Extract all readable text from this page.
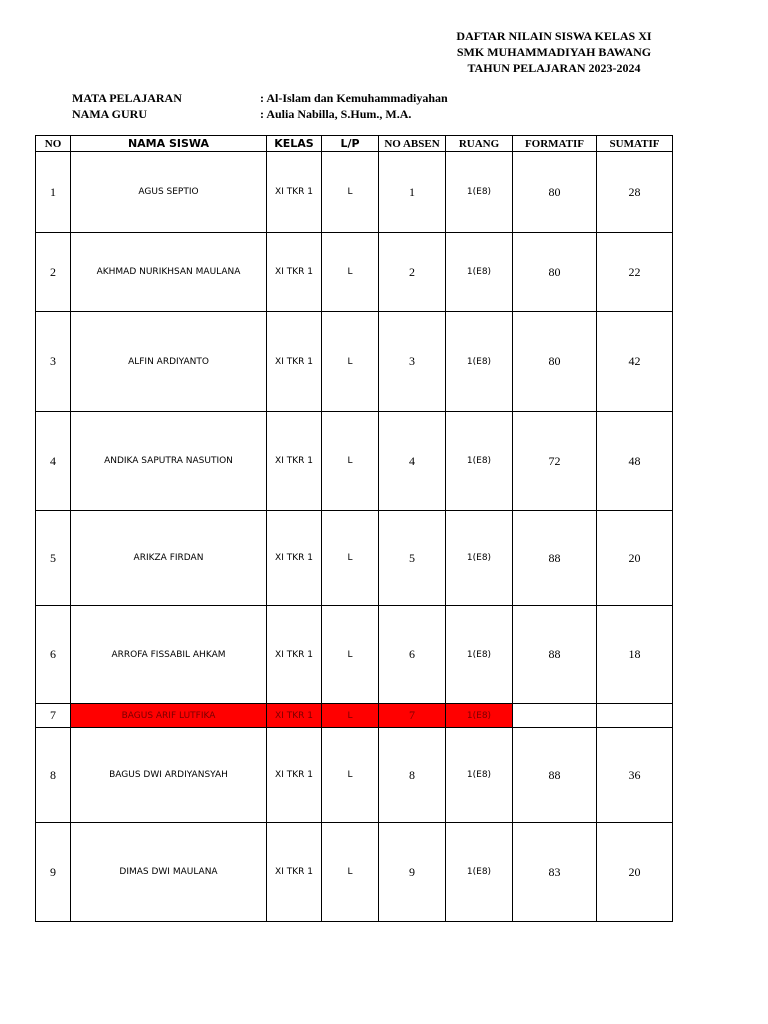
DAFTAR NILAIN SISWA KELAS XI
SMK MUHAMMADIYAH BAWANG
TAHUN PELAJARAN 2023-2024
MATA PELAJARAN	: Al-Islam dan Kemuhammadiyahan
NAMA GURU	: Aulia Nabilla, S.Hum., M.A.
NO	NAMA SISWA	KELAS	L/P	NO ABSEN	RUANG	FORMATIF	SUMATIF
1	AGUS SEPTIO	XI TKR 1	L	1	1(E8)	80	28
2	AKHMAD NURIKHSAN MAULANA	XI TKR 1	L	2	1(E8)	80	22
3	ALFIN ARDIYANTO	XI TKR 1	L	3	1(E8)	80	42
4	ANDIKA SAPUTRA NASUTION	XI TKR 1	L	4	1(E8)	72	48
5	ARIKZA FIRDAN	XI TKR 1	L	5	1(E8)	88	20
6	ARROFA FISSABIL AHKAM	XI TKR 1	L	6	1(E8)	88	18
7	BAGUS ARIF LUTFIKA	XI TKR 1	L	7	1(E8)		
8	BAGUS DWI ARDIYANSYAH	XI TKR 1	L	8	1(E8)	88	36
9	DIMAS DWI MAULANA	XI TKR 1	L	9	1(E8)	83	20
